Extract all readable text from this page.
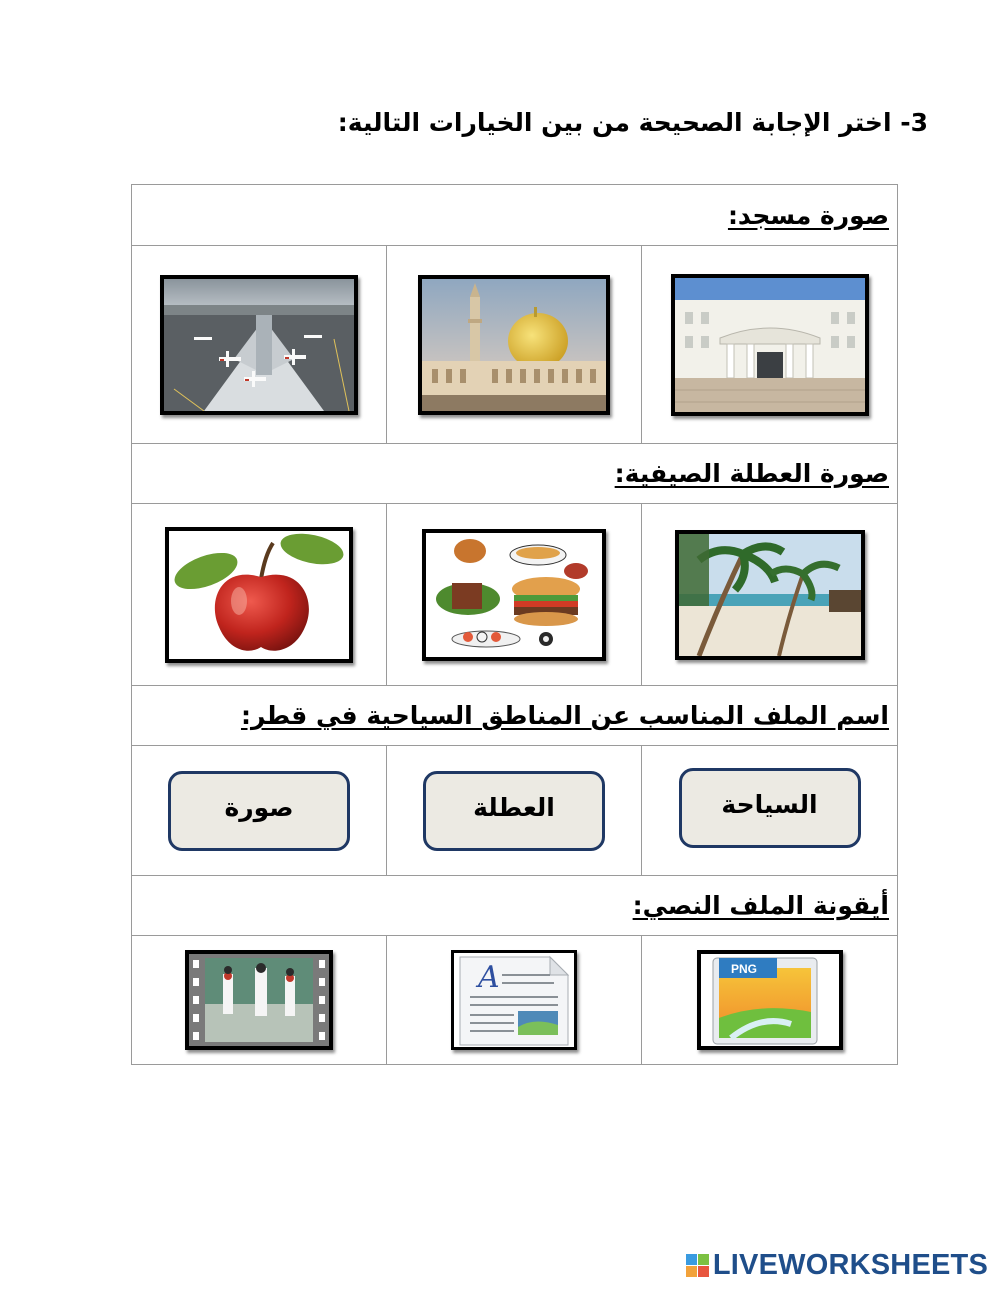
3- اختر الإجابة الصحيحة من بين الخيارات التالية:
صورة مسجد:		

صورة العطلة الصيفية:		

اسم الملف المناسب عن المناطق السياحية في قطر:		
صورة	العطلة	السياحة
أيقونة الملف النصي:		

A	PNG
LIVEWORKSHEETS
